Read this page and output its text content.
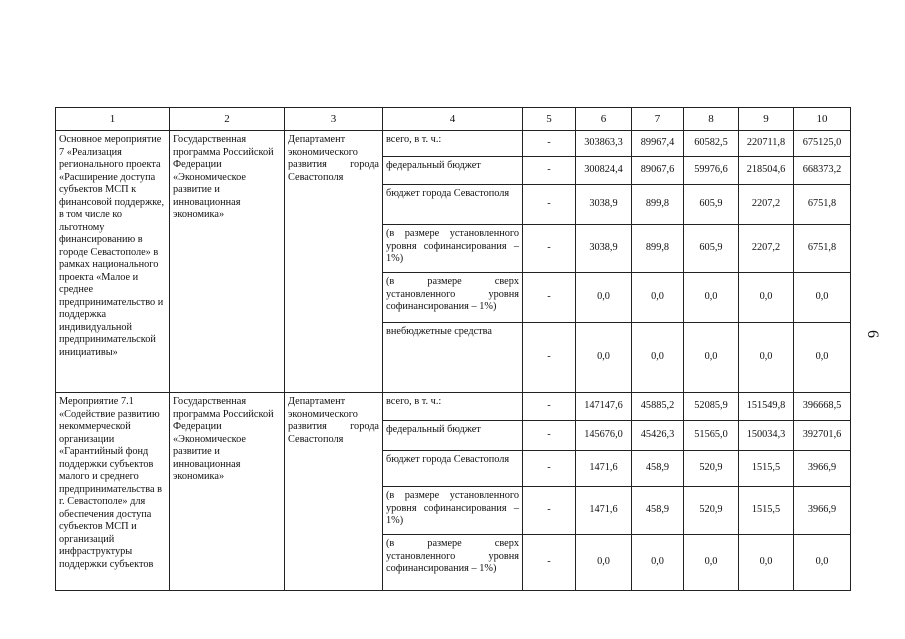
1	2	3	4	5	6	7	8	9	10
Основное мероприятие 7 «Реализация регионального проекта «Расширение доступа субъектов МСП к финансовой поддержке, в том числе ко льготному финансированию в городе Севастополе» в рамках национального проекта «Малое и среднее предпринимательство и поддержка индивидуальной предпринимательской инициативы»	Государственная программа Российской Федерации «Экономическое развитие и инновационная экономика»	Департамент экономического развития города Севастополя	всего, в т. ч.:	-	303863,3	89967,4	60582,5	220711,8	675125,0
			федеральный бюджет	-	300824,4	89067,6	59976,6	218504,6	668373,2
			бюджет города Севастополя	-	3038,9	899,8	605,9	2207,2	6751,8
			(в размере установленного уровня софинансирования – 1%)	-	3038,9	899,8	605,9	2207,2	6751,8
			(в размере сверх установленного уровня софинансирования – 1%)	-	0,0	0,0	0,0	0,0	0,0
			внебюджетные средства	-	0,0	0,0	0,0	0,0	0,0
Мероприятие 7.1 «Содействие развитию некоммерческой организации «Гарантийный фонд поддержки субъектов малого и среднего предпринимательства в г. Севастополе» для обеспечения доступа субъектов МСП и организаций инфраструктуры поддержки субъектов	Государственная программа Российской Федерации «Экономическое развитие и инновационная экономика»	Департамент экономического развития города Севастополя	всего, в т. ч.:	-	147147,6	45885,2	52085,9	151549,8	396668,5
			федеральный бюджет	-	145676,0	45426,3	51565,0	150034,3	392701,6
			бюджет города Севастополя	-	1471,6	458,9	520,9	1515,5	3966,9
			(в размере установленного уровня софинансирования – 1%)	-	1471,6	458,9	520,9	1515,5	3966,9
			(в размере сверх установленного уровня софинансирования – 1%)	-	0,0	0,0	0,0	0,0	0,0
6
